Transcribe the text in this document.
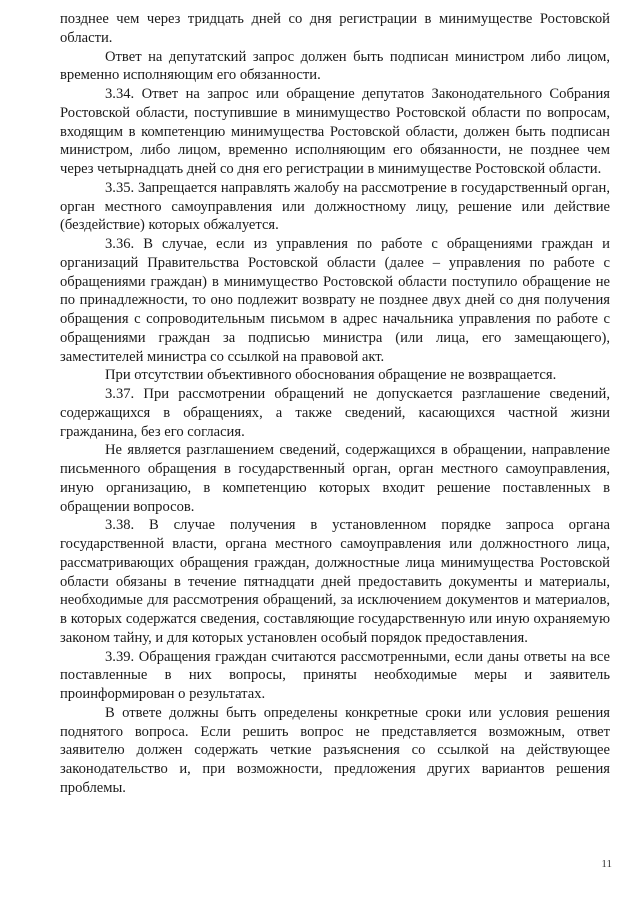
позднее чем через тридцать дней со дня регистрации в минимуществе Ростовской области.

Ответ на депутатский запрос должен быть подписан министром либо лицом, временно исполняющим его обязанности.

3.34. Ответ на запрос или обращение депутатов Законодательного Собрания Ростовской области, поступившие в минимущество Ростовской области по вопросам, входящим в компетенцию минимущества Ростовской области, должен быть подписан министром, либо лицом, временно исполняющим его обязанности, не позднее чем через четырнадцать дней со дня его регистрации в минимуществе Ростовской области.

3.35. Запрещается направлять жалобу на рассмотрение в государственный орган, орган местного самоуправления или должностному лицу, решение или действие (бездействие) которых обжалуется.

3.36. В случае, если из управления по работе с обращениями граждан и организаций Правительства Ростовской области (далее – управления по работе с обращениями граждан) в минимущество Ростовской области поступило обращение не по принадлежности, то оно подлежит возврату не позднее двух дней со дня получения обращения с сопроводительным письмом в адрес начальника управления по работе с обращениями граждан за подписью министра (или лица, его замещающего), заместителей министра со ссылкой на правовой акт.

При отсутствии объективного обоснования обращение не возвращается.

3.37. При рассмотрении обращений не допускается разглашение сведений, содержащихся в обращениях, а также сведений, касающихся частной жизни гражданина, без его согласия.

Не является разглашением сведений, содержащихся в обращении, направление письменного обращения в государственный орган, орган местного самоуправления, иную организацию, в компетенцию которых входит решение поставленных в обращении вопросов.

3.38. В случае получения в установленном порядке запроса органа государственной власти, органа местного самоуправления или должностного лица, рассматривающих обращения граждан, должностные лица минимущества Ростовской области обязаны в течение пятнадцати дней предоставить документы и материалы, необходимые для рассмотрения обращений, за исключением документов и материалов, в которых содержатся сведения, составляющие государственную или иную охраняемую законом тайну, и для которых установлен особый порядок предоставления.

3.39. Обращения граждан считаются рассмотренными, если даны ответы на все поставленные в них вопросы, приняты необходимые меры и заявитель проинформирован о результатах.

В ответе должны быть определены конкретные сроки или условия решения поднятого вопроса. Если решить вопрос не представляется возможным, ответ заявителю должен содержать четкие разъяснения со ссылкой на действующее законодательство и, при возможности, предложения других вариантов решения проблемы.

11
